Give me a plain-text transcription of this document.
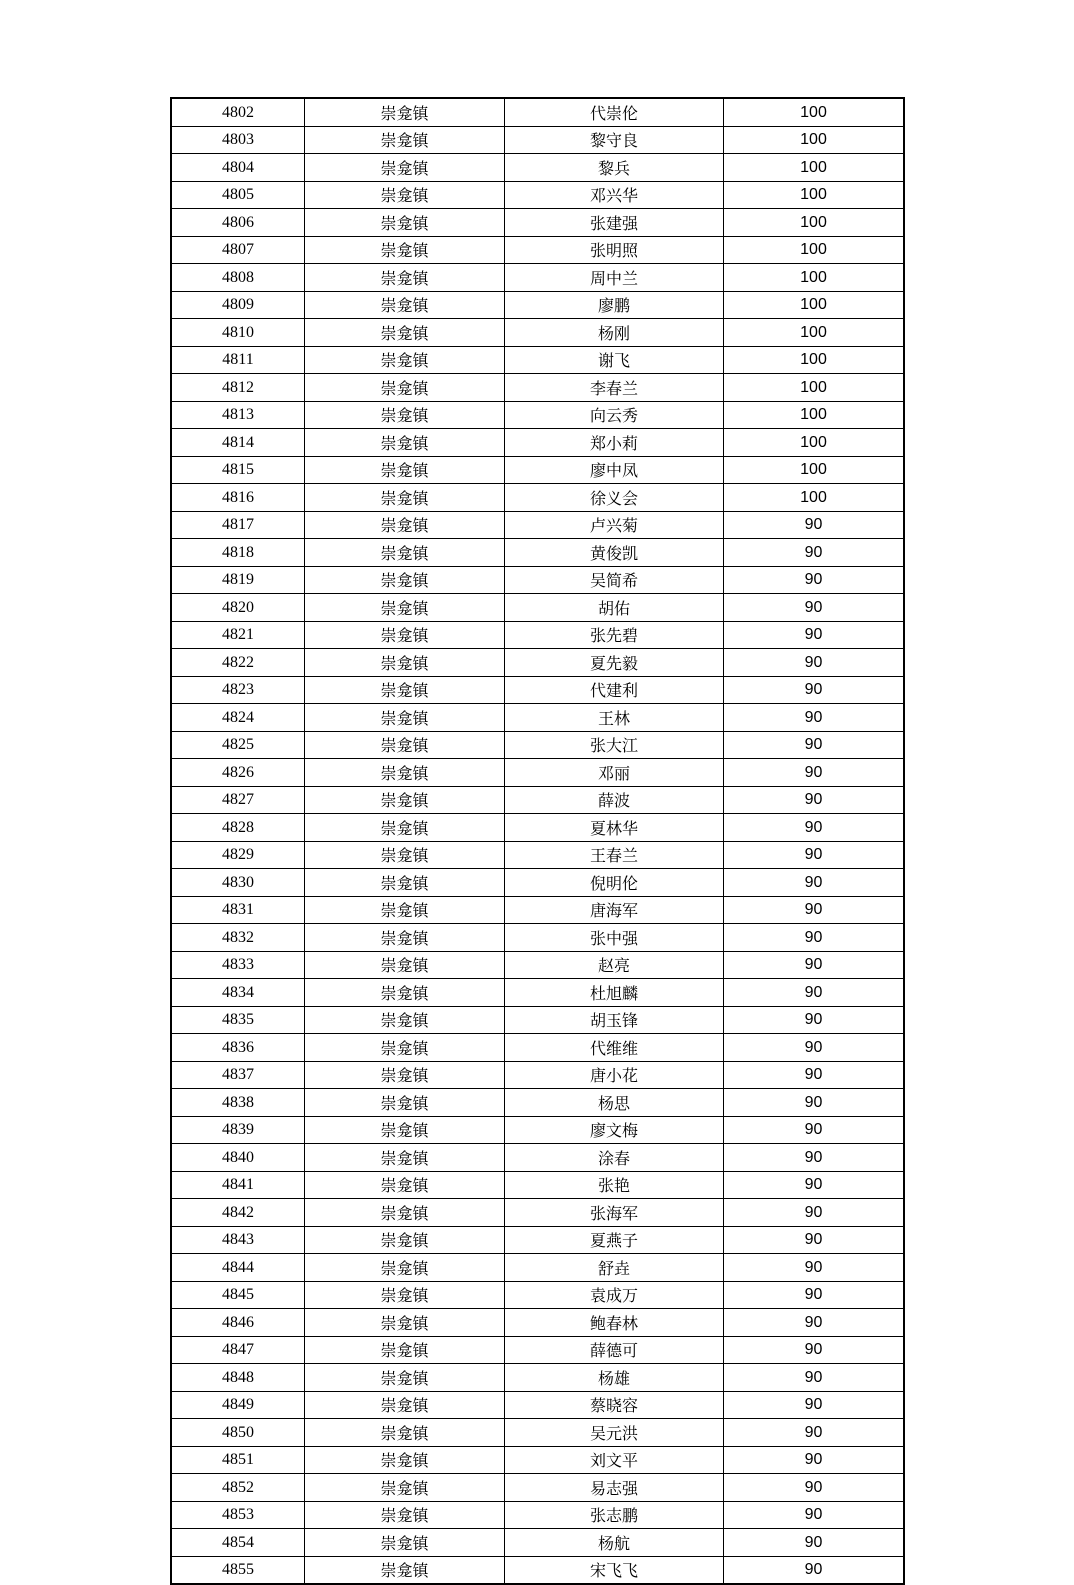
4802	崇龛镇	代崇伦	100
4803	崇龛镇	黎守良	100
4804	崇龛镇	黎兵	100
4805	崇龛镇	邓兴华	100
4806	崇龛镇	张建强	100
4807	崇龛镇	张明照	100
4808	崇龛镇	周中兰	100
4809	崇龛镇	廖鹏	100
4810	崇龛镇	杨刚	100
4811	崇龛镇	谢飞	100
4812	崇龛镇	李春兰	100
4813	崇龛镇	向云秀	100
4814	崇龛镇	郑小莉	100
4815	崇龛镇	廖中凤	100
4816	崇龛镇	徐义会	100
4817	崇龛镇	卢兴菊	90
4818	崇龛镇	黄俊凯	90
4819	崇龛镇	吴简希	90
4820	崇龛镇	胡佑	90
4821	崇龛镇	张先碧	90
4822	崇龛镇	夏先毅	90
4823	崇龛镇	代建利	90
4824	崇龛镇	王林	90
4825	崇龛镇	张大江	90
4826	崇龛镇	邓丽	90
4827	崇龛镇	薛波	90
4828	崇龛镇	夏林华	90
4829	崇龛镇	王春兰	90
4830	崇龛镇	倪明伦	90
4831	崇龛镇	唐海军	90
4832	崇龛镇	张中强	90
4833	崇龛镇	赵亮	90
4834	崇龛镇	杜旭麟	90
4835	崇龛镇	胡玉锋	90
4836	崇龛镇	代维维	90
4837	崇龛镇	唐小花	90
4838	崇龛镇	杨思	90
4839	崇龛镇	廖文梅	90
4840	崇龛镇	涂春	90
4841	崇龛镇	张艳	90
4842	崇龛镇	张海军	90
4843	崇龛镇	夏燕子	90
4844	崇龛镇	舒垚	90
4845	崇龛镇	袁成万	90
4846	崇龛镇	鲍春林	90
4847	崇龛镇	薛德可	90
4848	崇龛镇	杨雄	90
4849	崇龛镇	蔡晓容	90
4850	崇龛镇	吴元洪	90
4851	崇龛镇	刘文平	90
4852	崇龛镇	易志强	90
4853	崇龛镇	张志鹏	90
4854	崇龛镇	杨航	90
4855	崇龛镇	宋飞飞	90
